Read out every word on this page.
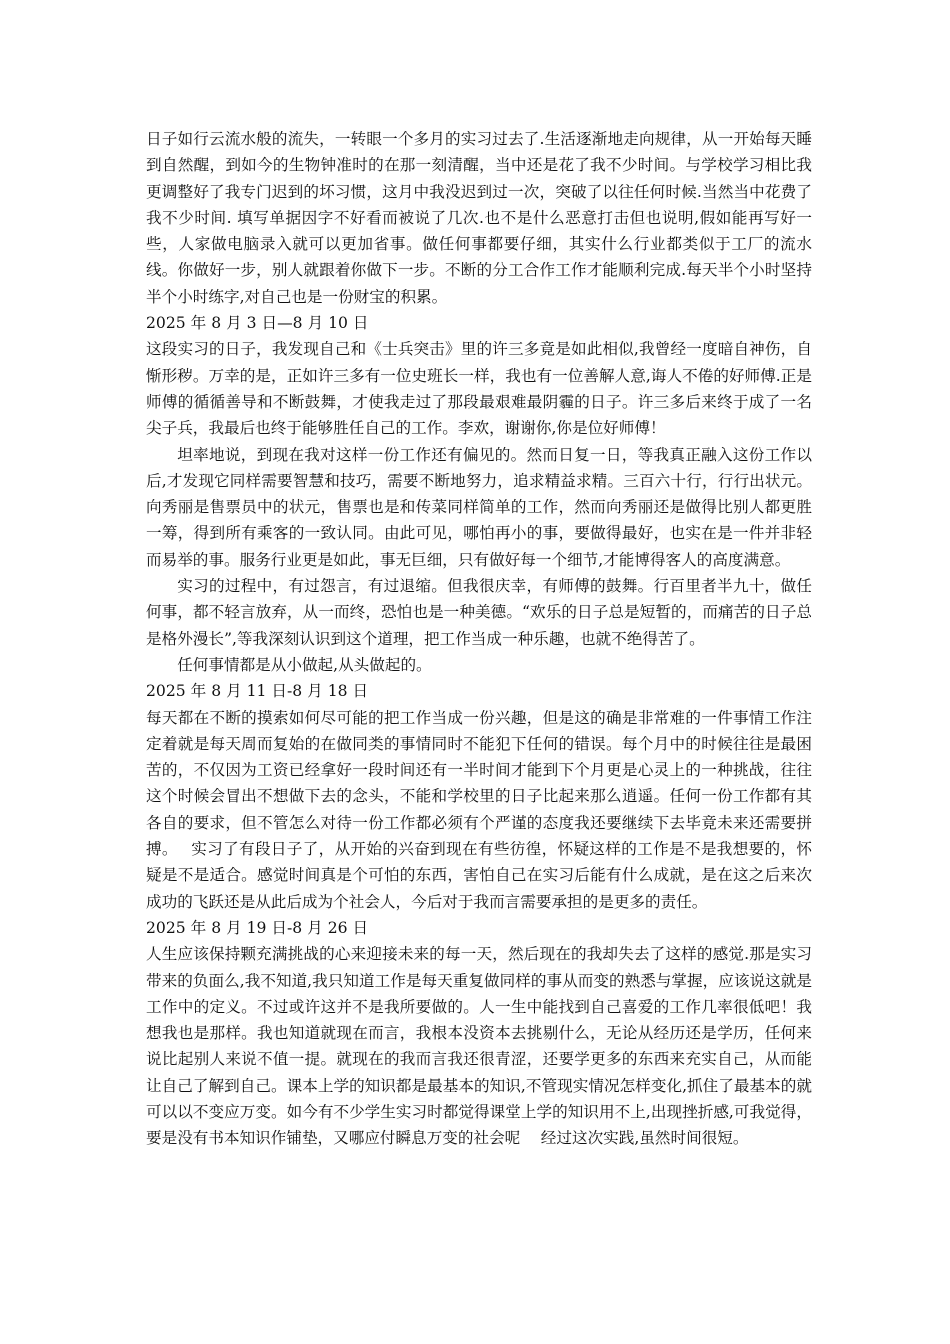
日子如行云流水般的流失，一转眼一个多月的实习过去了.生活逐渐地走向规律，从一开始每天睡到自然醒，到如今的生物钟准时的在那一刻清醒，当中还是花了我不少时间。与学校学习相比我更调整好了我专门迟到的坏习惯，这月中我没迟到过一次，突破了以往任何时候.当然当中花费了我不少时间. 填写单据因字不好看而被说了几次.也不是什么恶意打击但也说明,假如能再写好一些，人家做电脑录入就可以更加省事。做任何事都要仔细，其实什么行业都类似于工厂的流水线。你做好一步，别人就跟着你做下一步。不断的分工合作工作才能顺利完成.每天半个小时坚持半个小时练字,对自己也是一份财宝的积累。

2025 年 8 月 3 日—8 月 10 日

这段实习的日子，我发现自己和《士兵突击》里的许三多竟是如此相似,我曾经一度暗自神伤，自惭形秽。万幸的是，正如许三多有一位史班长一样，我也有一位善解人意,诲人不倦的好师傅.正是师傅的循循善导和不断鼓舞，才使我走过了那段最艰难最阴霾的日子。许三多后来终于成了一名尖子兵，我最后也终于能够胜任自己的工作。李欢，谢谢你,你是位好师傅！

坦率地说，到现在我对这样一份工作还有偏见的。然而日复一日，等我真正融入这份工作以后,才发现它同样需要智慧和技巧，需要不断地努力，追求精益求精。三百六十行，行行出状元。向秀丽是售票员中的状元，售票也是和传菜同样简单的工作，然而向秀丽还是做得比别人都更胜一筹，得到所有乘客的一致认同。由此可见，哪怕再小的事，要做得最好，也实在是一件并非轻而易举的事。服务行业更是如此，事无巨细，只有做好每一个细节,才能博得客人的高度满意。

实习的过程中，有过怨言，有过退缩。但我很庆幸，有师傅的鼓舞。行百里者半九十，做任何事，都不轻言放弃，从一而终，恐怕也是一种美德。“欢乐的日子总是短暂的，而痛苦的日子总是格外漫长”,等我深刻认识到这个道理，把工作当成一种乐趣，也就不绝得苦了。

任何事情都是从小做起,从头做起的。

2025 年 8 月 11 日-8 月 18 日

每天都在不断的摸索如何尽可能的把工作当成一份兴趣，但是这的确是非常难的一件事情工作注定着就是每天周而复始的在做同类的事情同时不能犯下任何的错误。每个月中的时候往往是最困苦的，不仅因为工资已经拿好一段时间还有一半时间才能到下个月更是心灵上的一种挑战，往往这个时候会冒出不想做下去的念头，不能和学校里的日子比起来那么逍遥。任何一份工作都有其各自的要求，但不管怎么对待一份工作都必须有个严谨的态度我还要继续下去毕竟未来还需要拼搏。　 实习了有段日子了，从开始的兴奋到现在有些彷徨，怀疑这样的工作是不是我想要的，怀疑是不是适合。感觉时间真是个可怕的东西，害怕自己在实习后能有什么成就，是在这之后来次成功的飞跃还是从此后成为个社会人，今后对于我而言需要承担的是更多的责任。

2025 年 8 月 19 日-8 月 26 日

人生应该保持颗充满挑战的心来迎接未来的每一天，然后现在的我却失去了这样的感觉.那是实习带来的负面么,我不知道,我只知道工作是每天重复做同样的事从而变的熟悉与掌握，应该说这就是工作中的定义。不过或许这并不是我所要做的。人一生中能找到自己喜爱的工作几率很低吧！我想我也是那样。我也知道就现在而言，我根本没资本去挑剔什么，无论从经历还是学历，任何来说比起别人来说不值一提。就现在的我而言我还很青涩，还要学更多的东西来充实自己，从而能让自己了解到自己。课本上学的知识都是最基本的知识,不管现实情况怎样变化,抓住了最基本的就可以以不变应万变。如今有不少学生实习时都觉得课堂上学的知识用不上,出现挫折感,可我觉得，要是没有书本知识作铺垫，又哪应付瞬息万变的社会呢　 经过这次实践,虽然时间很短。
